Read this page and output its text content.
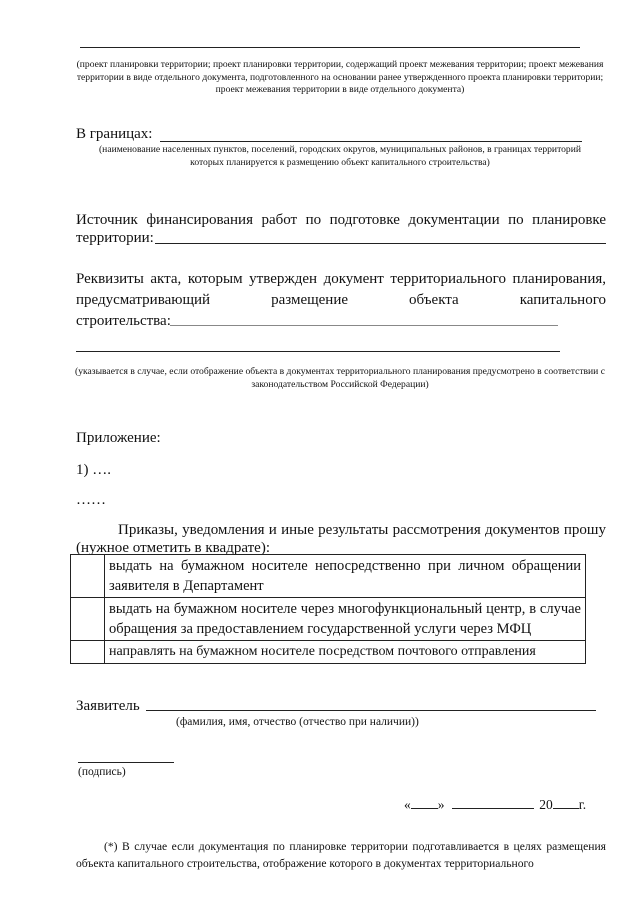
(проект планировки территории; проект планировки территории, содержащий проект межевания территории; проект межевания территории в виде отдельного документа, подготовленного на основании ранее утвержденного проекта планировки территории; проект межевания территории в виде отдельного документа)
В границах:
(наименование населенных пунктов, поселений, городских округов, муниципальных районов, в границах территорий которых планируется к размещению объект капитального строительства)
Источник финансирования работ по подготовке документации по планировке
территории:
Реквизиты акта, которым утвержден документ территориального планирования,
предусматривающий	размещение	объекта	капитального
строительства:
(указывается в случае, если отображение объекта в документах территориального планирования предусмотрено в соответствии с законодательством Российской Федерации)
Приложение:
1) ….
……
Приказы, уведомления и иные результаты рассмотрения документов прошу
(нужное отметить в квадрате):
	выдать на бумажном носителе непосредственно при личном обращении заявителя в Департамент
	выдать на бумажном носителе через многофункциональный центр, в случае обращения за предоставлением государственной услуги через МФЦ
	направлять на бумажном носителе посредством почтового отправления
Заявитель
(фамилия, имя, отчество (отчество при наличии))
(подпись)
« »	20 г.
(*) В случае если документация по планировке территории подготавливается в целях размещения
объекта капитального строительства, отображение которого в документах территориального
